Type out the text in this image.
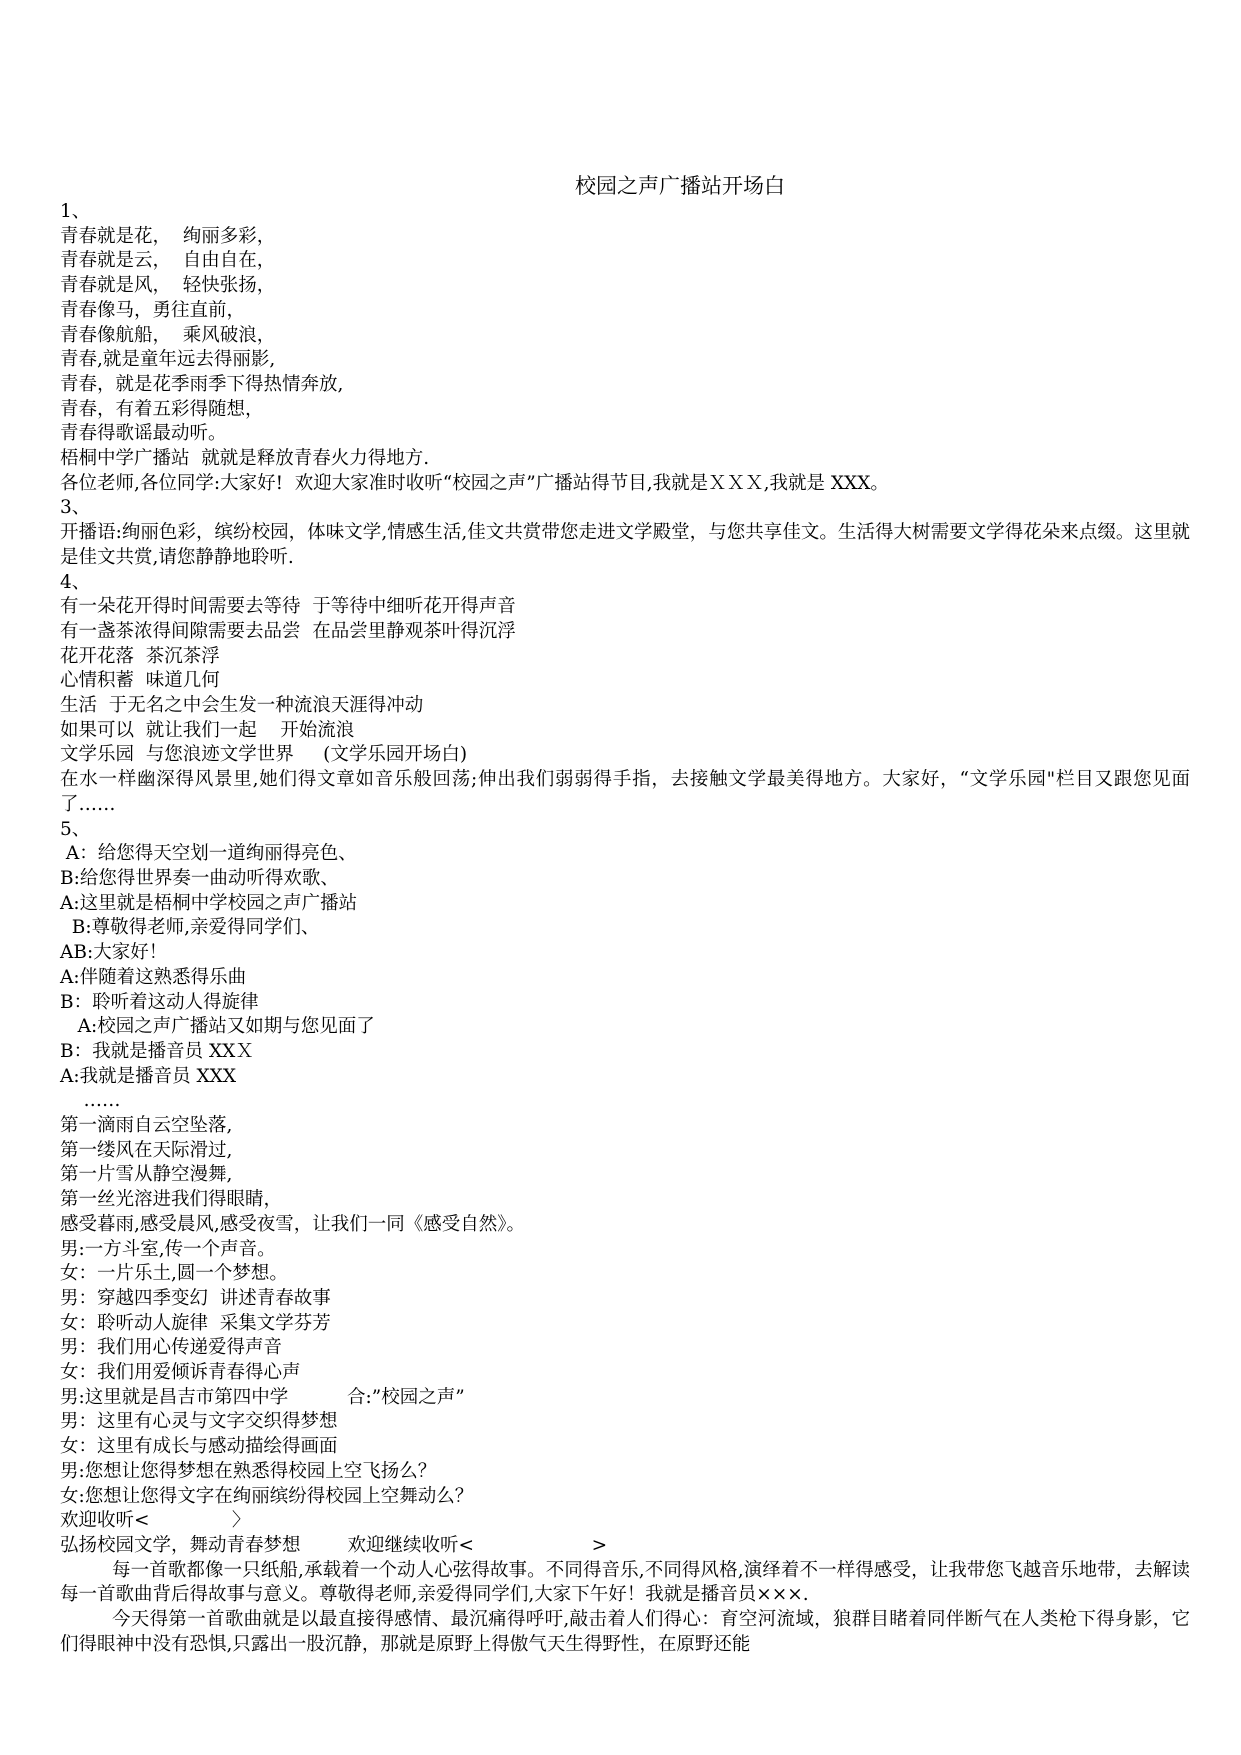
校园之声广播站开场白
1、
青春就是花，  绚丽多彩，
青春就是云，  自由自在，
青春就是风，  轻快张扬，
青春像马，勇往直前，
青春像航船，  乘风破浪，
青春,就是童年远去得丽影,
青春，就是花季雨季下得热情奔放,
青春，有着五彩得随想，
青春得歌谣最动听。
梧桐中学广播站  就就是释放青春火力得地方.
各位老师,各位同学:大家好!  欢迎大家准时收听“校园之声”广播站得节目,我就是ＸＸＸ,我就是 XXX。
3、
开播语:绚丽色彩，缤纷校园，体味文学,情感生活,佳文共赏带您走进文学殿堂，与您共享佳文。生活得大树需要文学得花朵来点缀。这里就是佳文共赏,请您静静地聆听.
4、
有一朵花开得时间需要去等待  于等待中细听花开得声音
有一盏茶浓得间隙需要去品尝  在品尝里静观茶叶得沉浮
花开花落  茶沉茶浮
心情积蓄  味道几何
生活  于无名之中会生发一种流浪天涯得冲动
如果可以  就让我们一起    开始流浪
文学乐园  与您浪迹文学世界     (文学乐园开场白)
在水一样幽深得风景里,她们得文章如音乐般回荡;伸出我们弱弱得手指，去接触文学最美得地方。大家好，“文学乐园"栏目又跟您见面了……
5、
A：给您得天空划一道绚丽得亮色、
B:给您得世界奏一曲动听得欢歌、
A:这里就是梧桐中学校园之声广播站
B:尊敬得老师,亲爱得同学们、
AB:大家好！
A:伴随着这熟悉得乐曲
B：聆听着这动人得旋律
A:校园之声广播站又如期与您见面了
B：我就是播音员 XXＸ
A:我就是播音员 XXX
……
第一滴雨自云空坠落,
第一缕风在天际滑过,
第一片雪从静空漫舞,
第一丝光溶进我们得眼睛，
感受暮雨,感受晨风,感受夜雪，让我们一同《感受自然》。
男:一方斗室,传一个声音。
女：一片乐土,圆一个梦想。
男：穿越四季变幻  讲述青春故事
女：聆听动人旋律  采集文学芬芳
男：我们用心传递爱得声音
女：我们用爱倾诉青春得心声
男:这里就是昌吉市第四中学          合:”校园之声”
男：这里有心灵与文字交织得梦想
女：这里有成长与感动描绘得画面
男:您想让您得梦想在熟悉得校园上空飞扬么？
女:您想让您得文字在绚丽缤纷得校园上空舞动么？
欢迎收听<              〉
弘扬校园文学，舞动青春梦想        欢迎继续收听<                    >
每一首歌都像一只纸船,承载着一个动人心弦得故事。不同得音乐,不同得风格,演绎着不一样得感受，让我带您飞越音乐地带，去解读每一首歌曲背后得故事与意义。尊敬得老师,亲爱得同学们,大家下午好！我就是播音员×××.
今天得第一首歌曲就是以最直接得感情、最沉痛得呼吁,敲击着人们得心：育空河流域，狼群目睹着同伴断气在人类枪下得身影，它们得眼神中没有恐惧,只露出一股沉静，那就是原野上得傲气天生得野性，在原野还能
